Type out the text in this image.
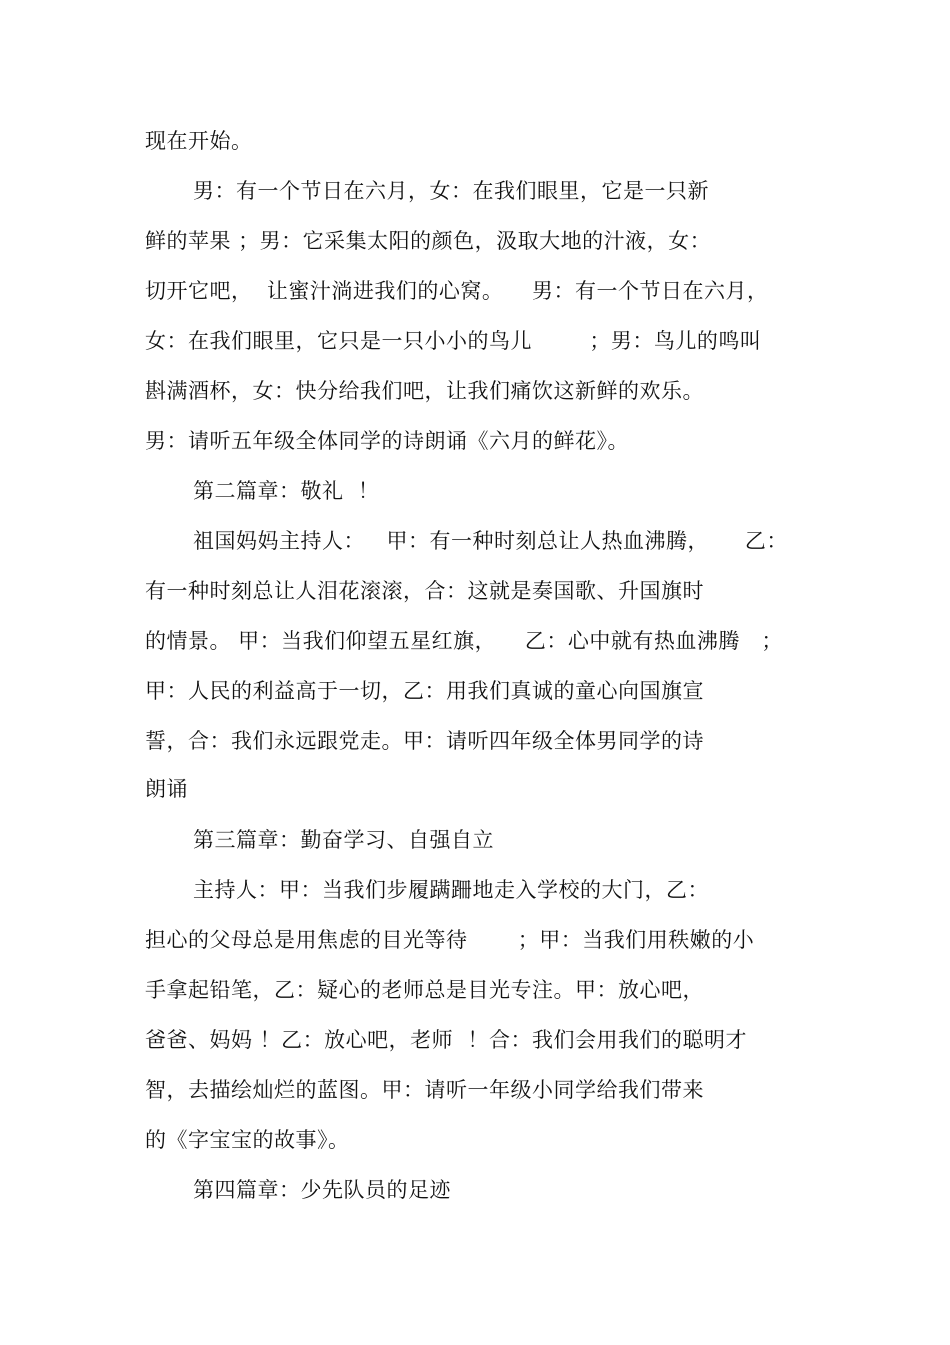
现在开始。
男：有一个节日在六月，女：在我们眼里，它是一只新
鲜的苹果 ；男：它采集太阳的颜色，汲取大地的汁液，女：
切开它吧，  让蜜汁淌进我们的心窝。    男：有一个节日在六月，
女：在我们眼里，它只是一只小小的鸟儿        ；男：鸟儿的鸣叫
斟满酒杯，女：快分给我们吧，让我们痛饮这新鲜的欢乐。
男：请听五年级全体同学的诗朗诵《六月的鲜花》。
第二篇章：敬礼  ！
祖国妈妈主持人：   甲：有一种时刻总让人热血沸腾，     乙：
有一种时刻总让人泪花滚滚，合：这就是奏国歌、升国旗时
的情景。 甲：当我们仰望五星红旗，    乙：心中就有热血沸腾   ；
甲：人民的利益高于一切，乙：用我们真诚的童心向国旗宣
誓，合：我们永远跟党走。甲：请听四年级全体男同学的诗
朗诵
第三篇章：勤奋学习、自强自立
主持人：甲：当我们步履蹒跚地走入学校的大门，乙：
担心的父母总是用焦虑的目光等待       ；甲：当我们用秩嫩的小
手拿起铅笔，乙：疑心的老师总是目光专注。甲：放心吧，
爸爸、妈妈 ！乙：放心吧，老师  ！合：我们会用我们的聪明才
智，去描绘灿烂的蓝图。甲：请听一年级小同学给我们带来
的《字宝宝的故事》。
第四篇章：少先队员的足迹
